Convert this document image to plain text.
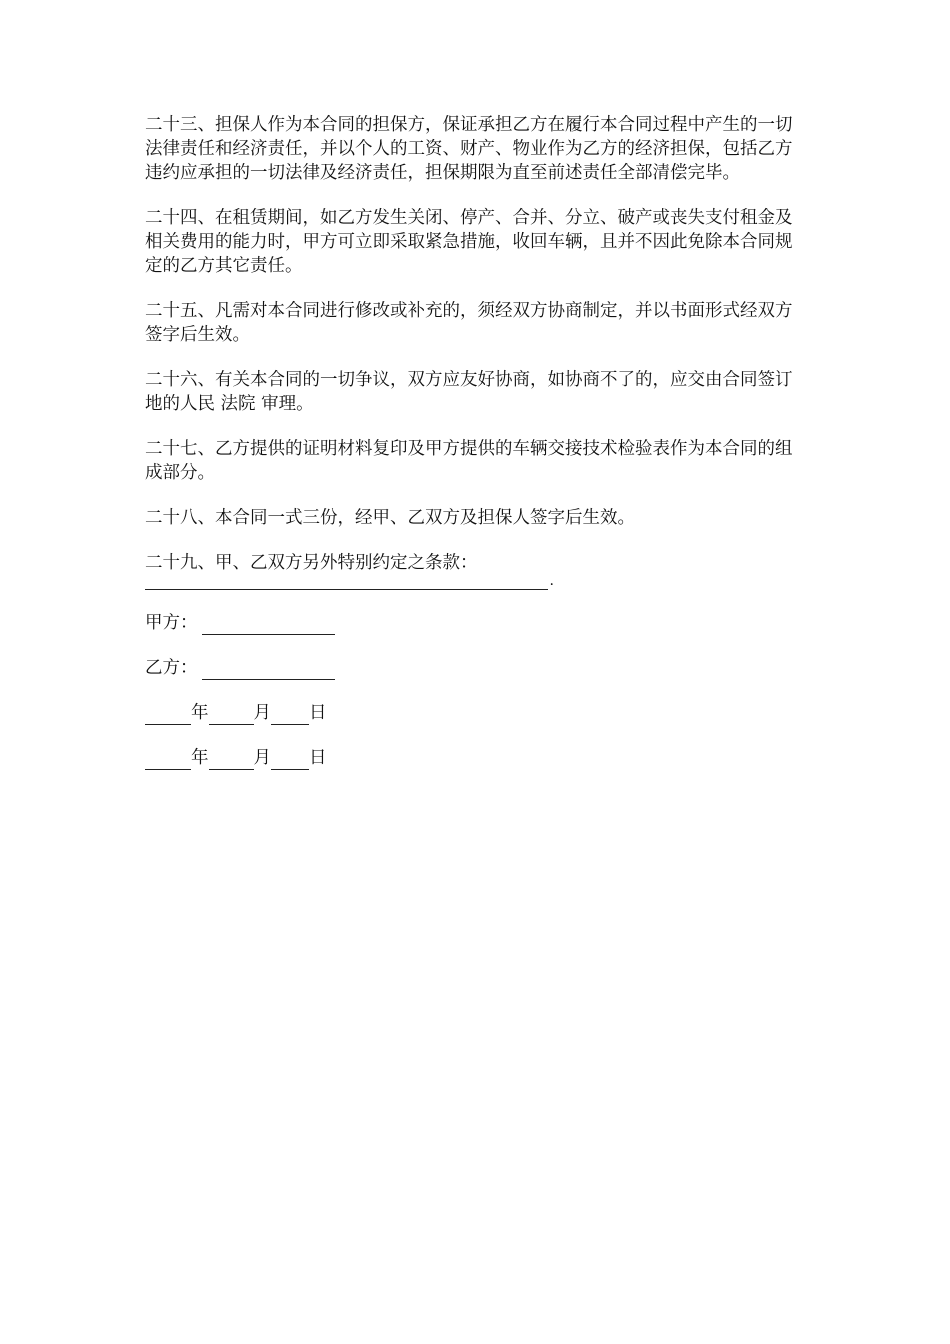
二十三、担保人作为本合同的担保方，保证承担乙方在履行本合同过程中产生的一切法律责任和经济责任，并以个人的工资、财产、物业作为乙方的经济担保，包括乙方违约应承担的一切法律及经济责任，担保期限为直至前述责任全部清偿完毕。

二十四、在租赁期间，如乙方发生关闭、停产、合并、分立、破产或丧失支付租金及相关费用的能力时，甲方可立即采取紧急措施，收回车辆，且并不因此免除本合同规定的乙方其它责任。

二十五、凡需对本合同进行修改或补充的，须经双方协商制定，并以书面形式经双方签字后生效。

二十六、有关本合同的一切争议，双方应友好协商，如协商不了的，应交由合同签订地的人民 法院 审理。

二十七、乙方提供的证明材料复印及甲方提供的车辆交接技术检验表作为本合同的组成部分。

二十八、本合同一式三份，经甲、乙双方及担保人签字后生效。

二十九、甲、乙双方另外特别约定之条款：
.
甲方：
乙方：
年	月 日
年	月 日
